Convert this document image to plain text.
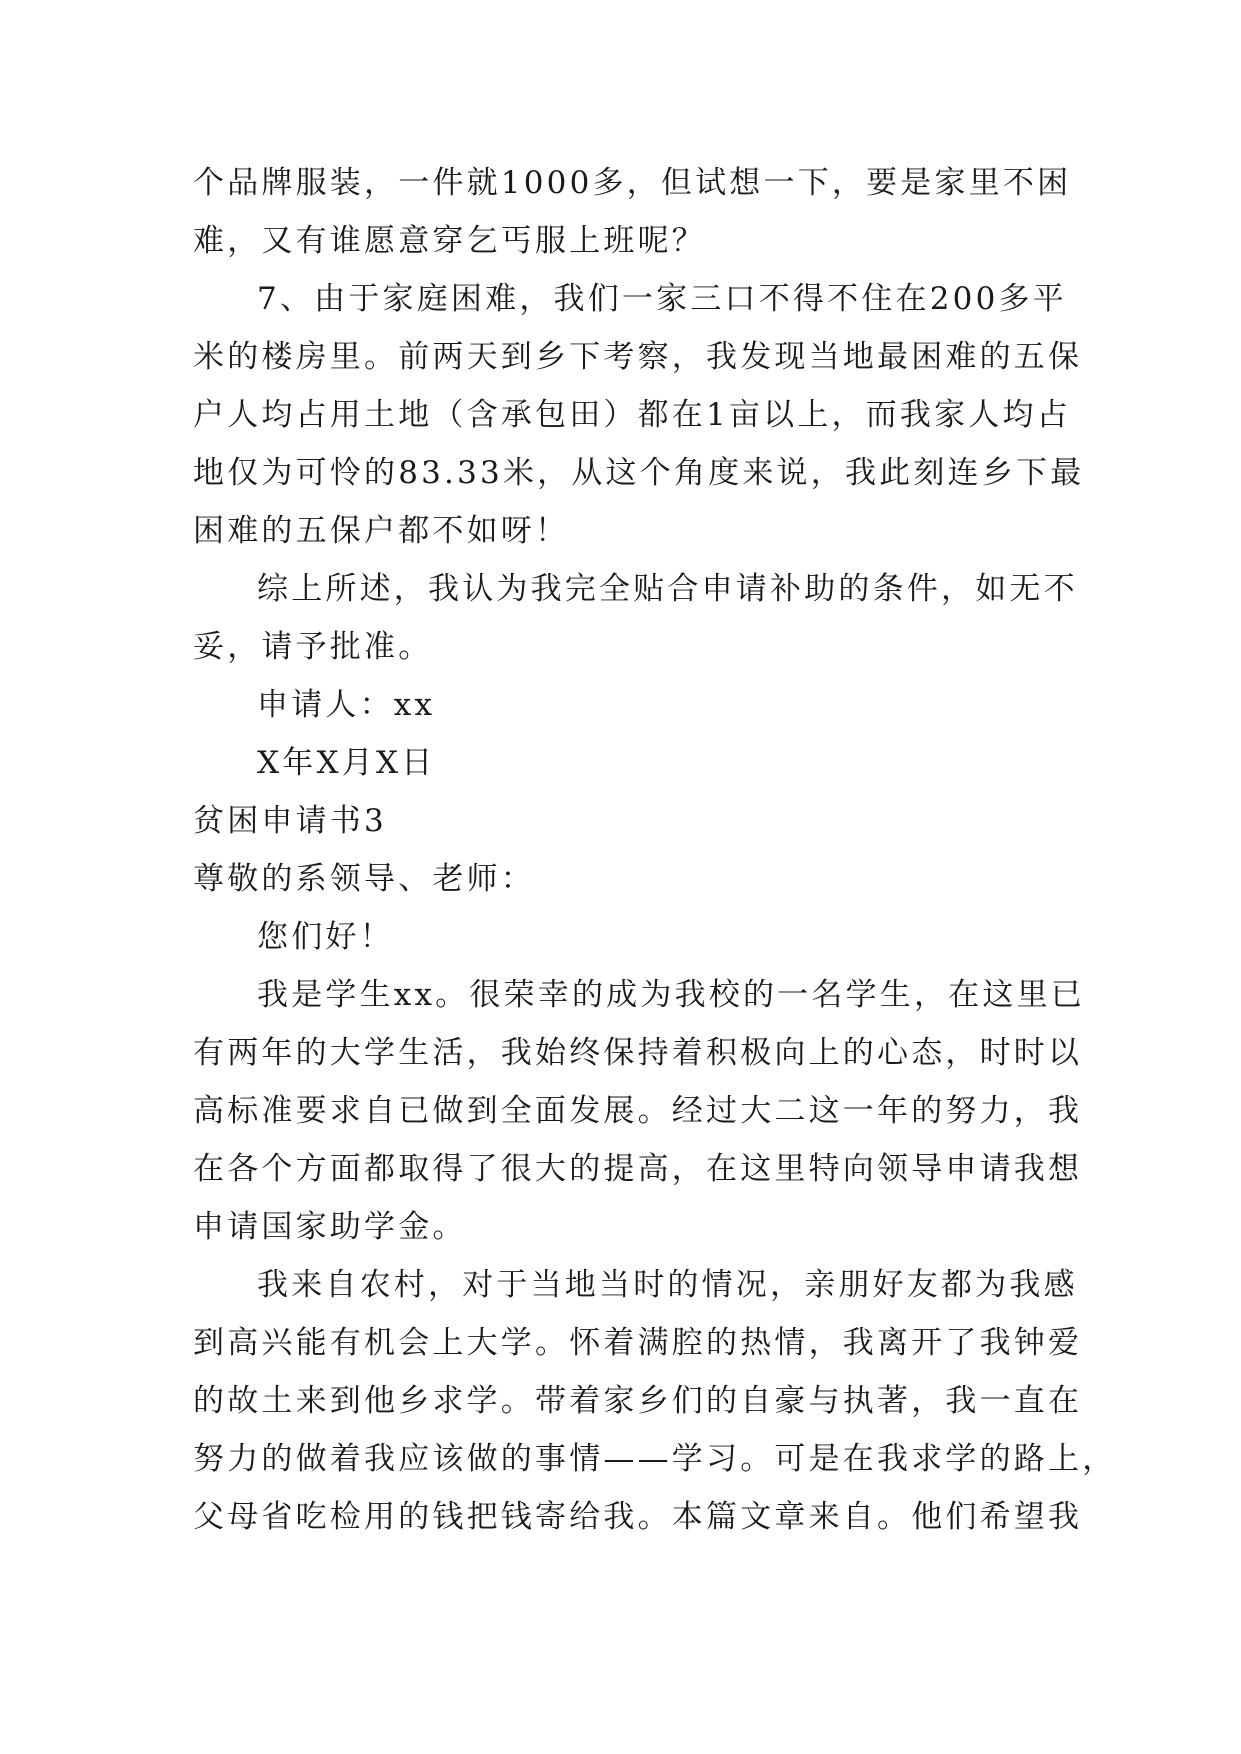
个品牌服装，一件就1000多，但试想一下，要是家里不困
难，又有谁愿意穿乞丐服上班呢？
7、由于家庭困难，我们一家三口不得不住在200多平
米的楼房里。前两天到乡下考察，我发现当地最困难的五保
户人均占用土地（含承包田）都在1亩以上，而我家人均占
地仅为可怜的83.33米，从这个角度来说，我此刻连乡下最
困难的五保户都不如呀！
综上所述，我认为我完全贴合申请补助的条件，如无不
妥，请予批准。
申请人：xx
X年X月X日
贫困申请书3
尊敬的系领导、老师：
您们好！
我是学生xx。很荣幸的成为我校的一名学生，在这里已
有两年的大学生活，我始终保持着积极向上的心态，时时以
高标准要求自已做到全面发展。经过大二这一年的努力，我
在各个方面都取得了很大的提高，在这里特向领导申请我想
申请国家助学金。
我来自农村，对于当地当时的情况，亲朋好友都为我感
到高兴能有机会上大学。怀着满腔的热情，我离开了我钟爱
的故土来到他乡求学。带着家乡们的自豪与执著，我一直在
努力的做着我应该做的事情——学习。可是在我求学的路上，
父母省吃检用的钱把钱寄给我。本篇文章来自。他们希望我
